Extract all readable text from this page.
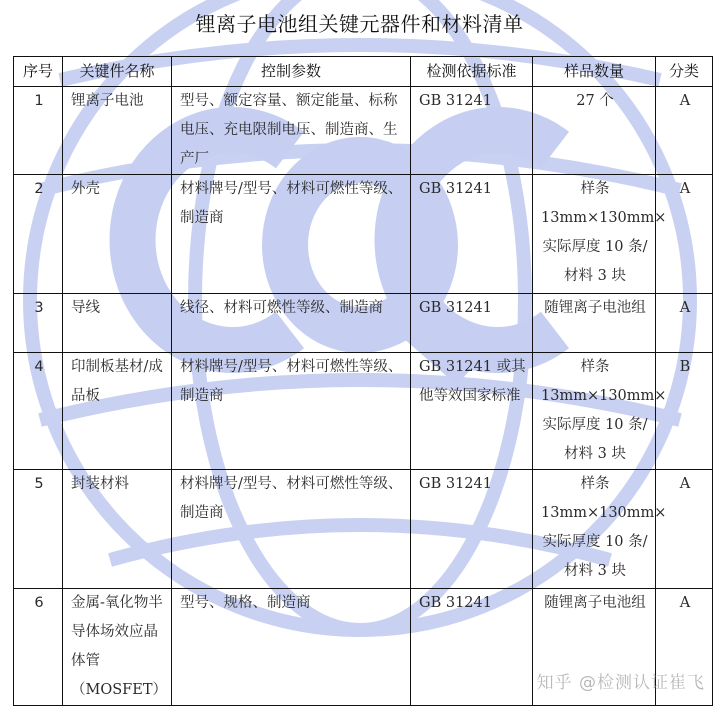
锂离子电池组关键元器件和材料清单
序号	关键件名称	控制参数	检测依据标准	样品数量	分类
1	锂离子电池	型号、额定容量、额定能量、标称电压、充电限制电压、制造商、生产厂	GB 31241	27 个	A
2	外壳	材料牌号/型号、材料可燃性等级、制造商	GB 31241	样条 13mm×130mm×实际厚度 10 条/材料 3 块	A
3	导线	线径、材料可燃性等级、制造商	GB 31241	随锂离子电池组	A
4	印制板基材/成品板	材料牌号/型号、材料可燃性等级、制造商	GB 31241 或其他等效国家标准	样条 13mm×130mm×实际厚度 10 条/材料 3 块	B
5	封装材料	材料牌号/型号、材料可燃性等级、制造商	GB 31241	样条 13mm×130mm×实际厚度 10 条/材料 3 块	A
6	金属-氧化物半导体场效应晶体管（MOSFET）	型号、规格、制造商	GB 31241	随锂离子电池组	A
知乎 @检测认证崔飞
